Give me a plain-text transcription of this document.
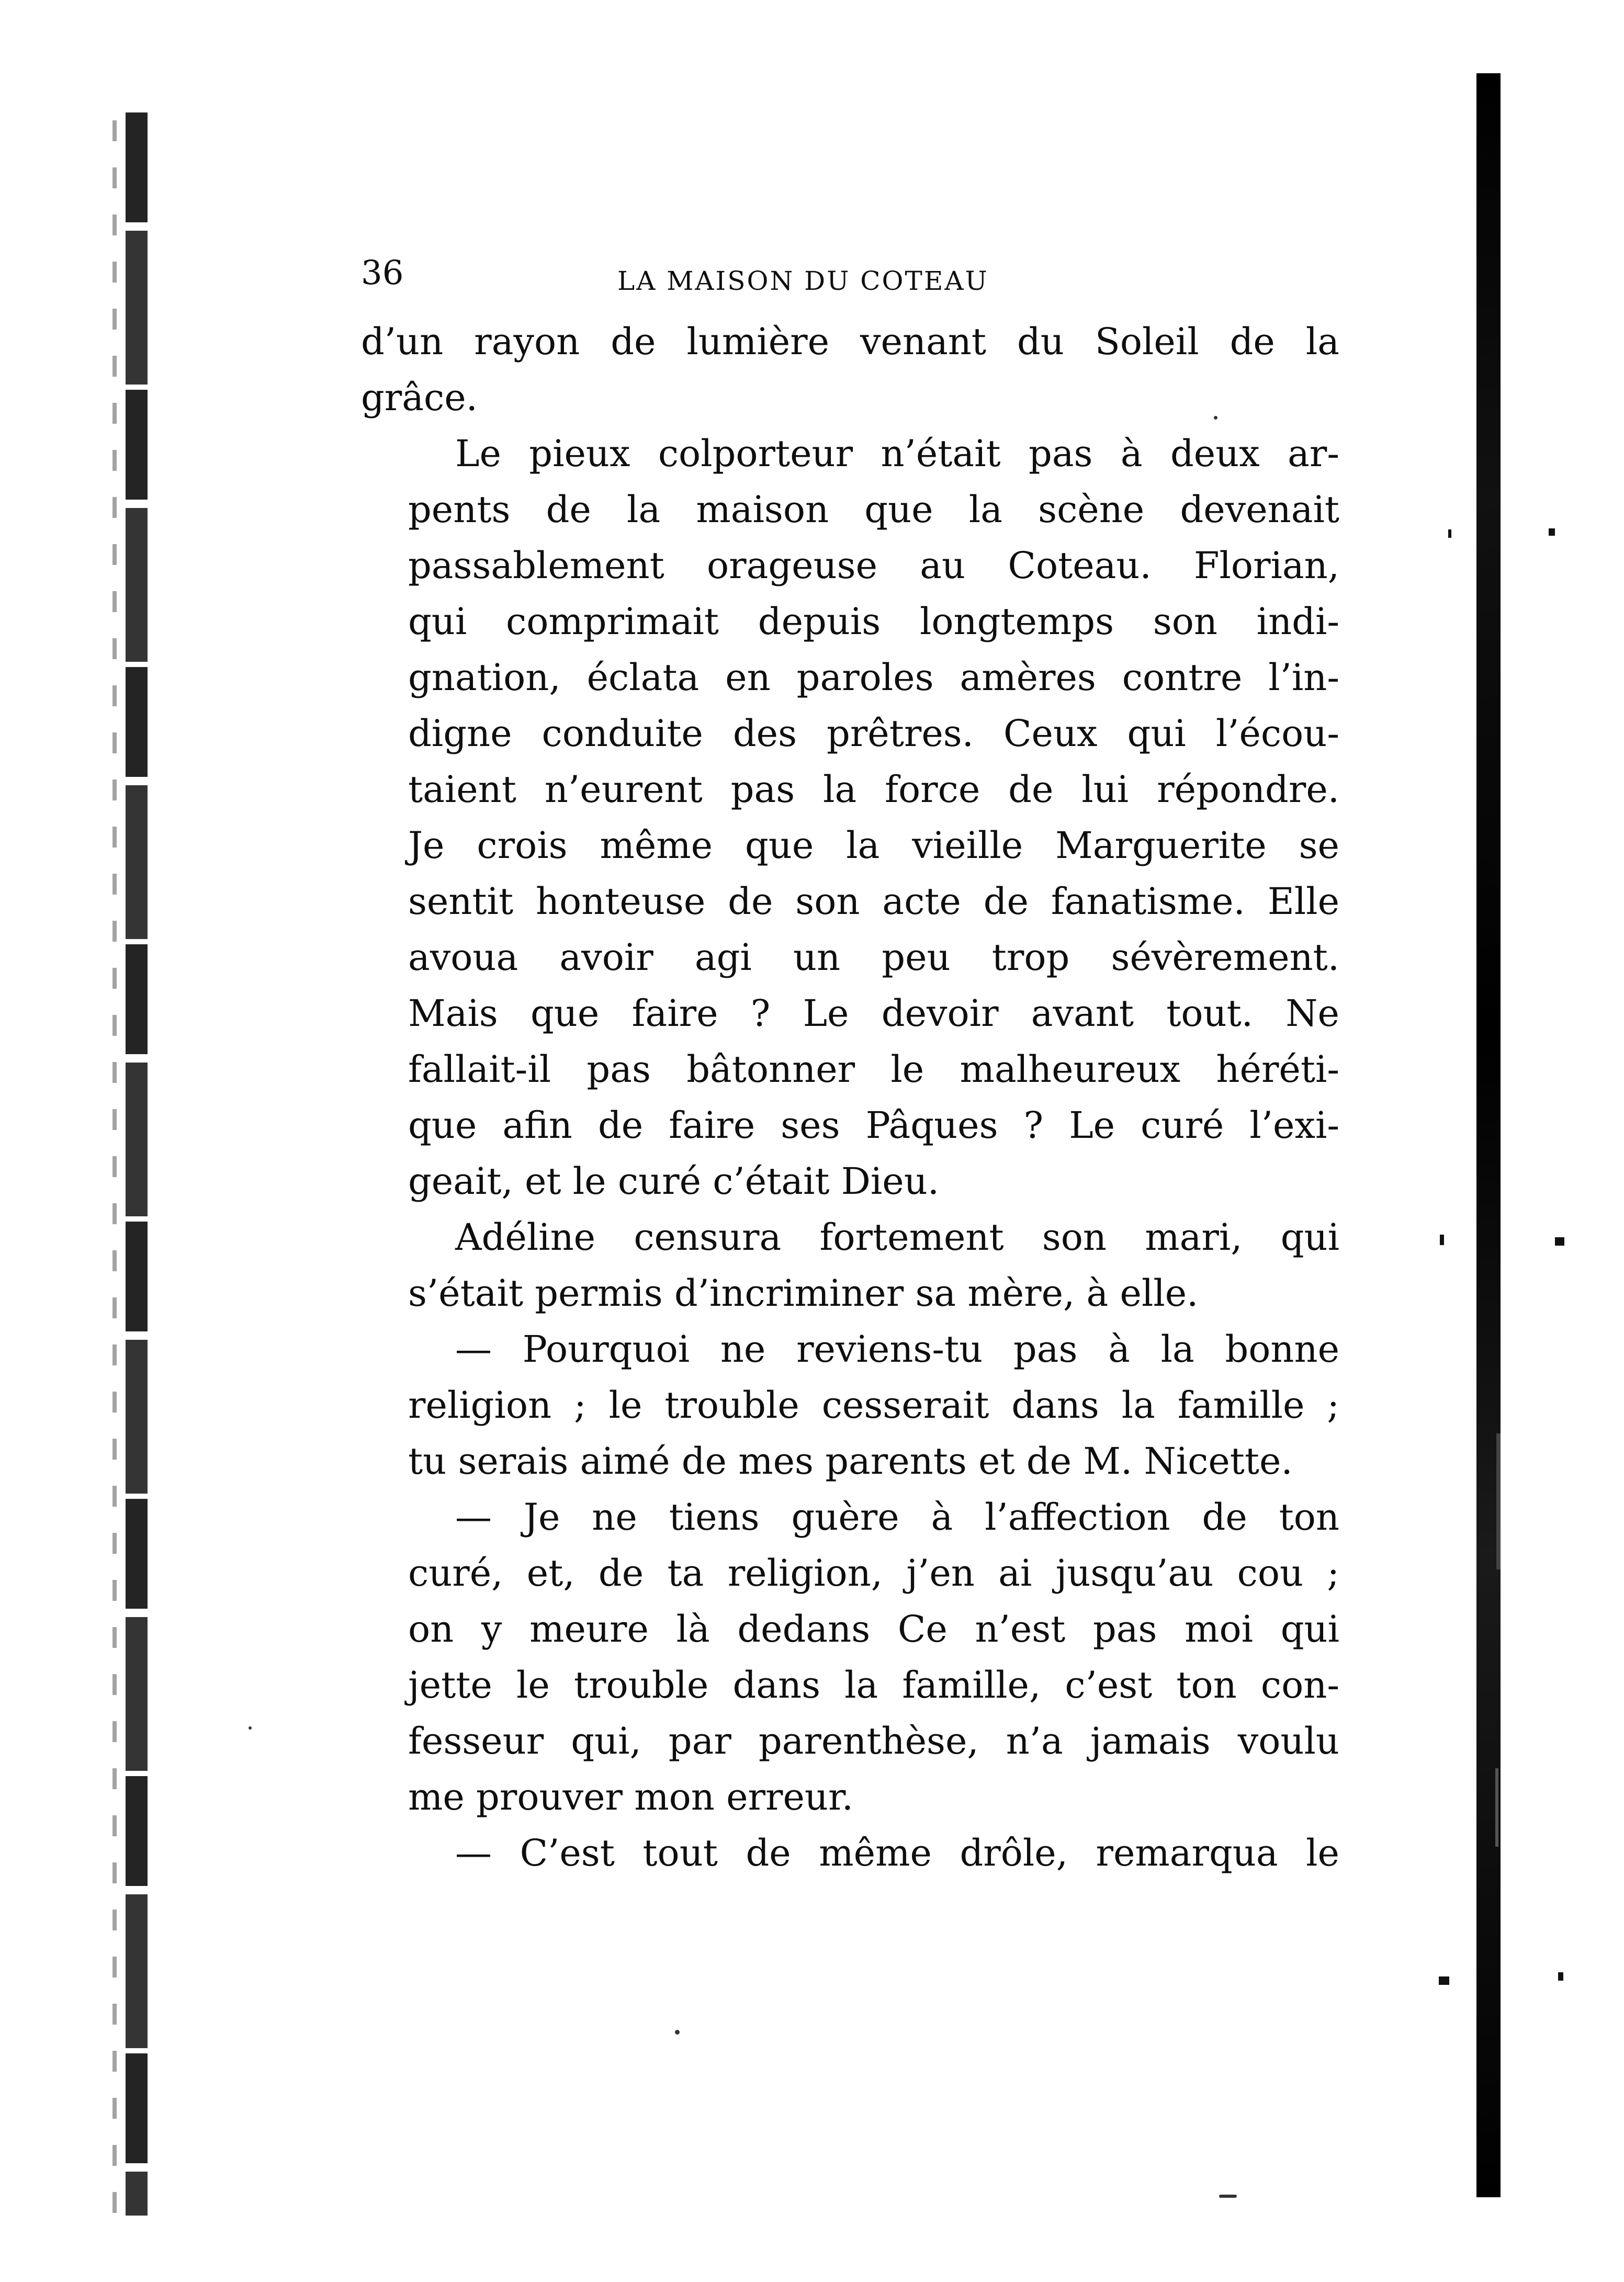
36	LA MAISON DU COTEAU

d’un rayon de lumière venant du Soleil de la
grâce.

Le pieux colporteur n’était pas à deux ar-
pents de la maison que la scène devenait
passablement orageuse au Coteau. Florian,
qui comprimait depuis longtemps son indi-
gnation, éclata en paroles amères contre l’in-
digne conduite des prêtres. Ceux qui l’écou-
taient n’eurent pas la force de lui répondre.
Je crois même que la vieille Marguerite se
sentit honteuse de son acte de fanatisme. Elle
avoua avoir agi un peu trop sévèrement.
Mais que faire ? Le devoir avant tout. Ne
fallait-il pas bâtonner le malheureux héréti-
que afin de faire ses Pâques ? Le curé l’exi-
geait, et le curé c’était Dieu.

Adéline censura fortement son mari, qui
s’était permis d’incriminer sa mère, à elle.

— Pourquoi ne reviens-tu pas à la bonne
religion ; le trouble cesserait dans la famille ;
tu serais aimé de mes parents et de M. Nicette.

— Je ne tiens guère à l’affection de ton
curé, et, de ta religion, j’en ai jusqu’au cou ;
on y meure là dedans Ce n’est pas moi qui
jette le trouble dans la famille, c’est ton con-
fesseur qui, par parenthèse, n’a jamais voulu
me prouver mon erreur.

— C’est tout de même drôle, remarqua le
